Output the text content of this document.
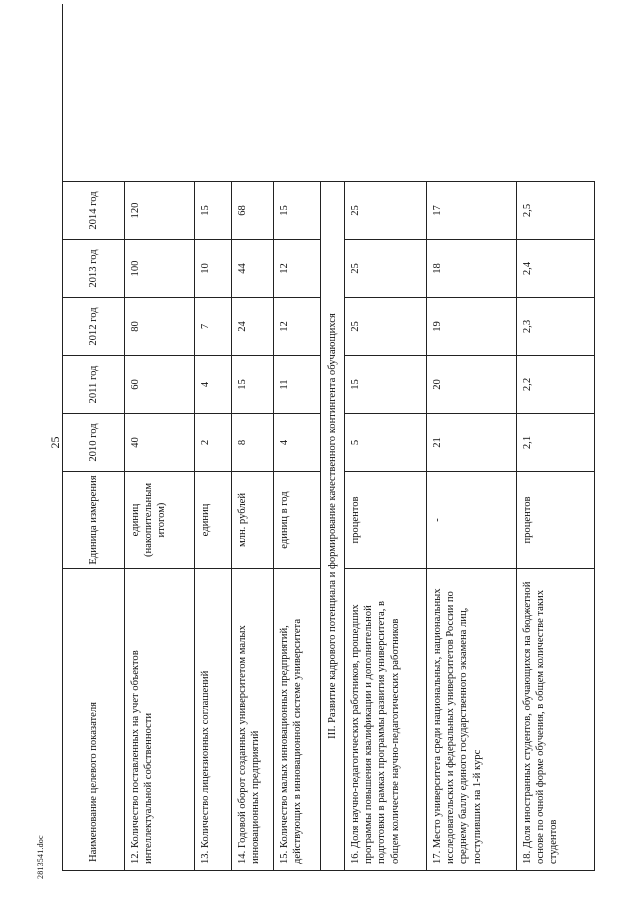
2813541.doc
25
Наименование целевого показателя
Единица измерения
2010 год
2011 год
2012 год
2013 год
2014 год
12. Количество поставленных на учет объектов интеллектуальной собственности
единиц (накопительным итогом)
40
60
80
100
120
13. Количество лицензионных соглашений
единиц
2
4
7
10
15
14. Годовой оборот созданных университетом малых инновационных предприятий
млн. рублей
8
15
24
44
68
15. Количество малых инновационных предприятий, действующих в инновационной системе университета
единиц в год
4
11
12
12
15
III. Развитие кадрового потенциала и формирование качественного контингента обучающихся	16. Доля научно-педагогических работников, прошедших программы повышения квалификации и дополнительной подготовки в рамках программы развития университета, в общем количестве научно-педагогических работников
процентов
5
15
25
25
25
17. Место университета среди национальных, национальных исследовательских и федеральных университетов России по среднему баллу единого государственного экзамена лиц, поступивших на 1-й курс
-
21
20
19
18
17
18. Доля иностранных студентов, обучающихся на бюджетной основе по очной форме обучения, в общем количестве таких студентов
процентов
2,1
2,2
2,3
2,4
2,5
